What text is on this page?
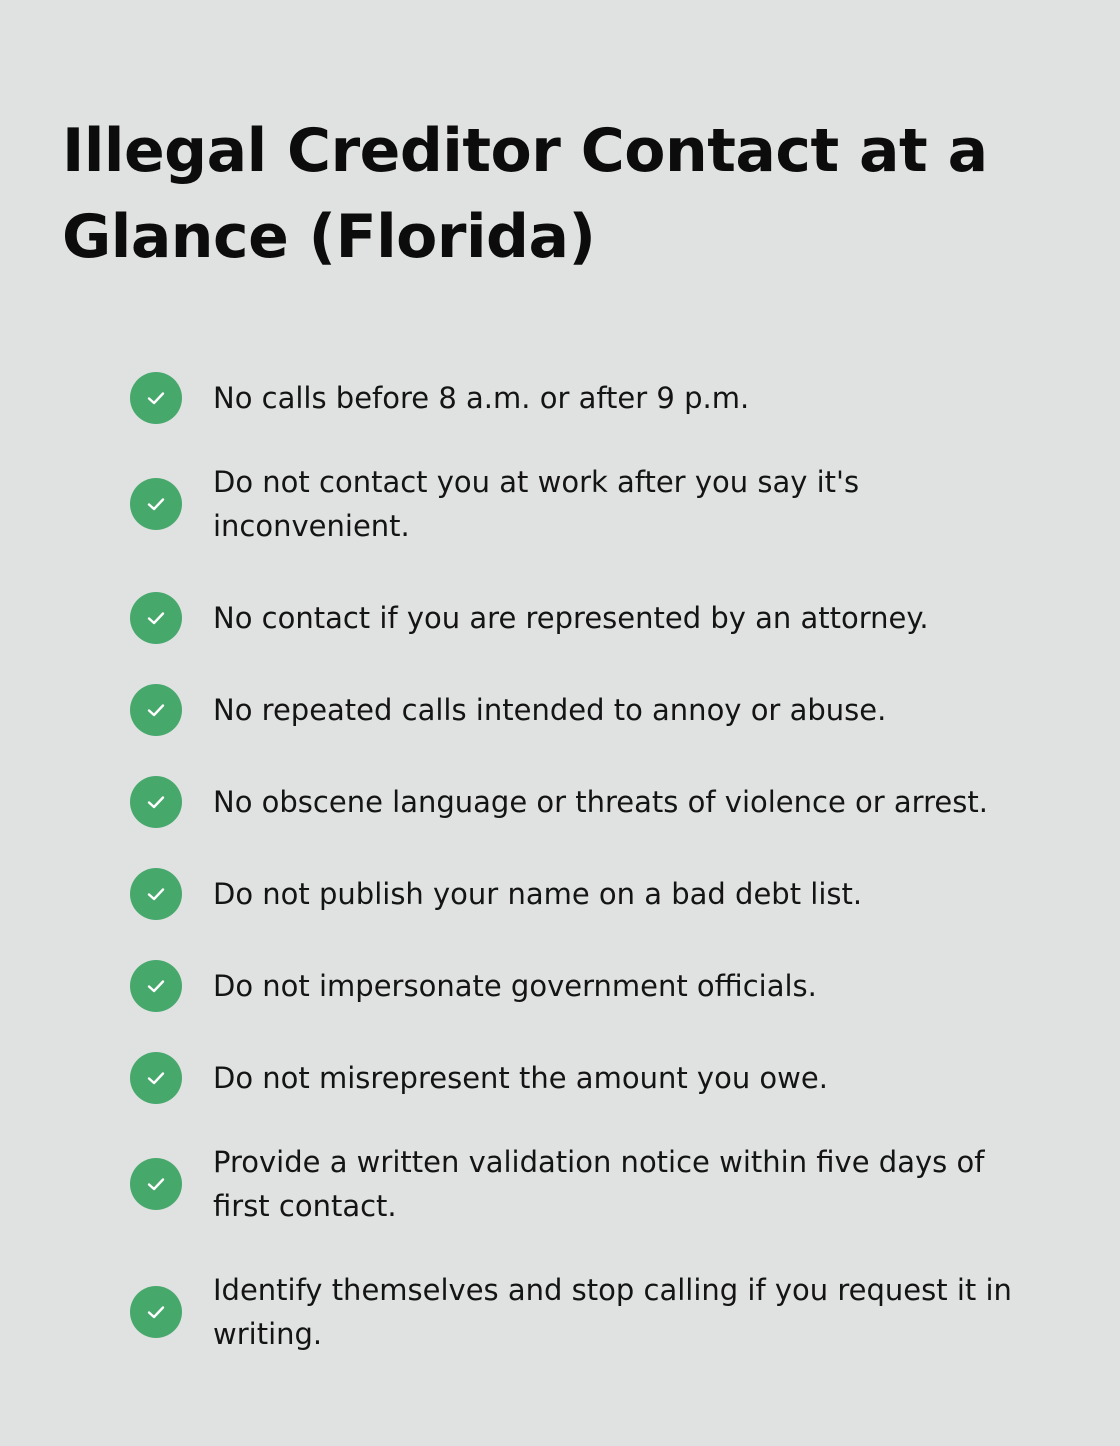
Illegal Creditor Contact at a Glance (Florida)
No calls before 8 a.m. or after 9 p.m.
Do not contact you at work after you say it's inconvenient.
No contact if you are represented by an attorney.
No repeated calls intended to annoy or abuse.
No obscene language or threats of violence or arrest.
Do not publish your name on a bad debt list.
Do not impersonate government officials.
Do not misrepresent the amount you owe.
Provide a written validation notice within five days of first contact.
Identify themselves and stop calling if you request it in writing.
